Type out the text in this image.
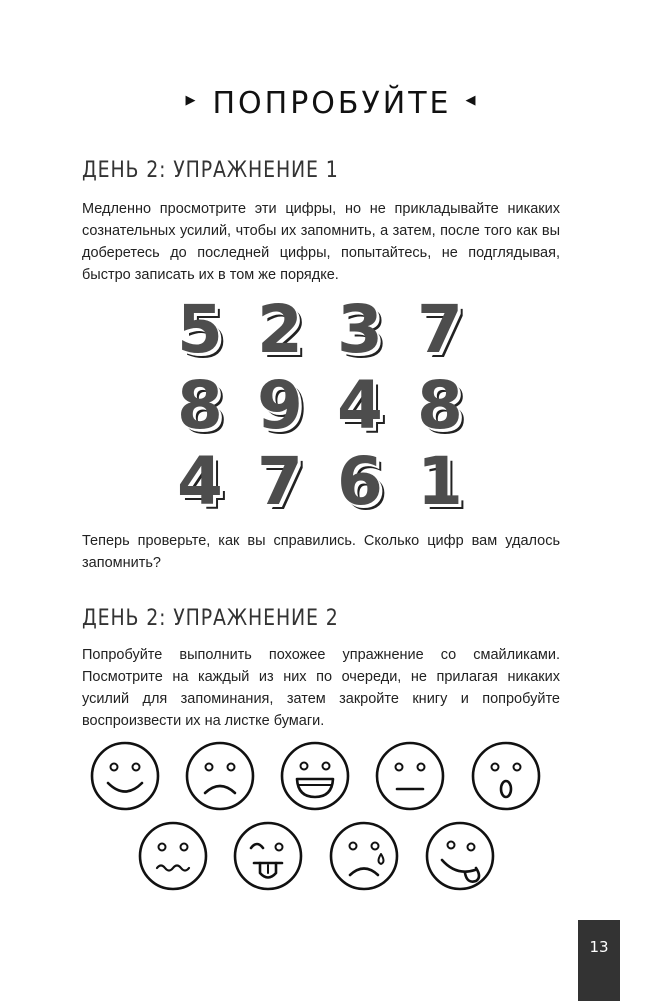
▶ ПОПРОБУЙТЕ ◀
ДЕНЬ 2: УПРАЖНЕНИЕ 1
Медленно просмотрите эти цифры, но не прикладывайте никаких сознательных усилий, чтобы их запомнить, а затем, после того как вы доберетесь до последней цифры, попытайтесь, не подглядывая, быстро записать их в том же порядке.
5 2 3 7
8 9 4 8
4 7 6 1
Теперь проверьте, как вы справились. Сколько цифр вам удалось запомнить?
ДЕНЬ 2: УПРАЖНЕНИЕ 2
Попробуйте выполнить похожее упражнение со смайликами. Посмотрите на каждый из них по очереди, не прилагая никаких усилий для запоминания, затем закройте книгу и попробуйте воспроизвести их на листке бумаги.
13
